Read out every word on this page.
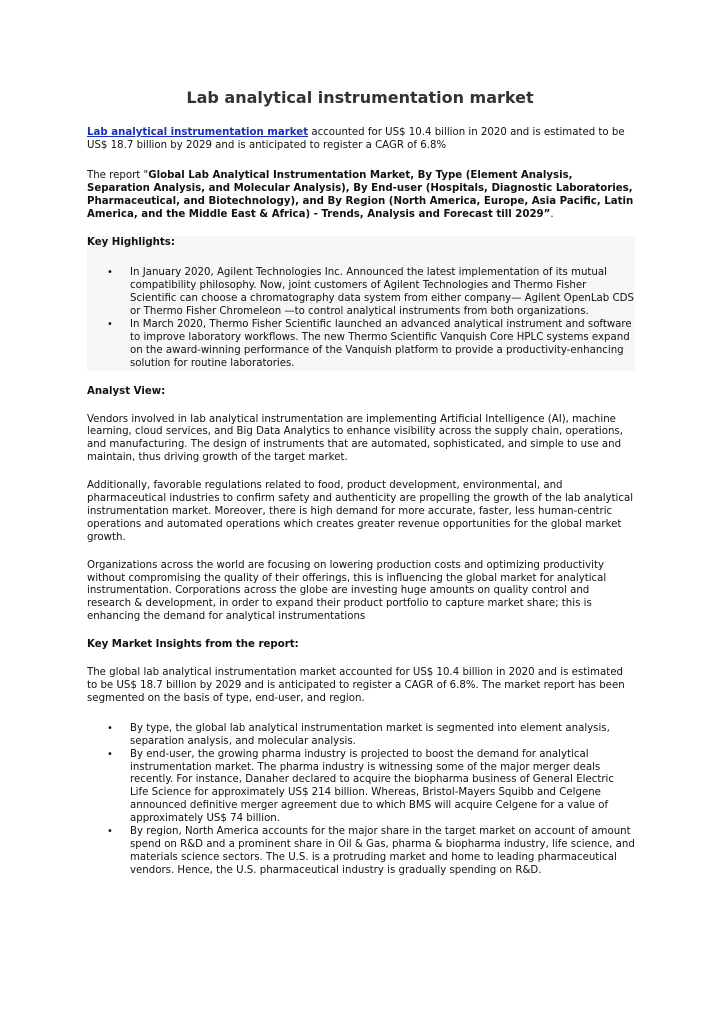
Lab analytical instrumentation market

Lab analytical instrumentation market accounted for US$ 10.4 billion in 2020 and is estimated to be US$ 18.7 billion by 2029 and is anticipated to register a CAGR of 6.8%

The report "Global Lab Analytical Instrumentation Market, By Type (Element Analysis, Separation Analysis, and Molecular Analysis), By End-user (Hospitals, Diagnostic Laboratories, Pharmaceutical, and Biotechnology), and By Region (North America, Europe, Asia Pacific, Latin America, and the Middle East & Africa) - Trends, Analysis and Forecast till 2029”.

Key Highlights:

• In January 2020, Agilent Technologies Inc. Announced the latest implementation of its mutual compatibility philosophy. Now, joint customers of Agilent Technologies and Thermo Fisher Scientific can choose a chromatography data system from either company— Agilent OpenLab CDS or Thermo Fisher Chromeleon —to control analytical instruments from both organizations.
• In March 2020, Thermo Fisher Scientific launched an advanced analytical instrument and software to improve laboratory workflows. The new Thermo Scientific Vanquish Core HPLC systems expand on the award-winning performance of the Vanquish platform to provide a productivity-enhancing solution for routine laboratories.

Analyst View:

Vendors involved in lab analytical instrumentation are implementing Artificial Intelligence (AI), machine learning, cloud services, and Big Data Analytics to enhance visibility across the supply chain, operations, and manufacturing. The design of instruments that are automated, sophisticated, and simple to use and maintain, thus driving growth of the target market.

Additionally, favorable regulations related to food, product development, environmental, and pharmaceutical industries to confirm safety and authenticity are propelling the growth of the lab analytical instrumentation market. Moreover, there is high demand for more accurate, faster, less human-centric operations and automated operations which creates greater revenue opportunities for the global market growth.

Organizations across the world are focusing on lowering production costs and optimizing productivity without compromising the quality of their offerings, this is influencing the global market for analytical instrumentation. Corporations across the globe are investing huge amounts on quality control and research & development, in order to expand their product portfolio to capture market share; this is enhancing the demand for analytical instrumentations

Key Market Insights from the report:

The global lab analytical instrumentation market accounted for US$ 10.4 billion in 2020 and is estimated to be US$ 18.7 billion by 2029 and is anticipated to register a CAGR of 6.8%. The market report has been segmented on the basis of type, end-user, and region.

• By type, the global lab analytical instrumentation market is segmented into element analysis, separation analysis, and molecular analysis.
• By end-user, the growing pharma industry is projected to boost the demand for analytical instrumentation market. The pharma industry is witnessing some of the major merger deals recently. For instance, Danaher declared to acquire the biopharma business of General Electric Life Science for approximately US$ 214 billion. Whereas, Bristol-Mayers Squibb and Celgene announced definitive merger agreement due to which BMS will acquire Celgene for a value of approximately US$ 74 billion.
• By region, North America accounts for the major share in the target market on account of amount spend on R&D and a prominent share in Oil & Gas, pharma & biopharma industry, life science, and materials science sectors. The U.S. is a protruding market and home to leading pharmaceutical vendors. Hence, the U.S. pharmaceutical industry is gradually spending on R&D.
